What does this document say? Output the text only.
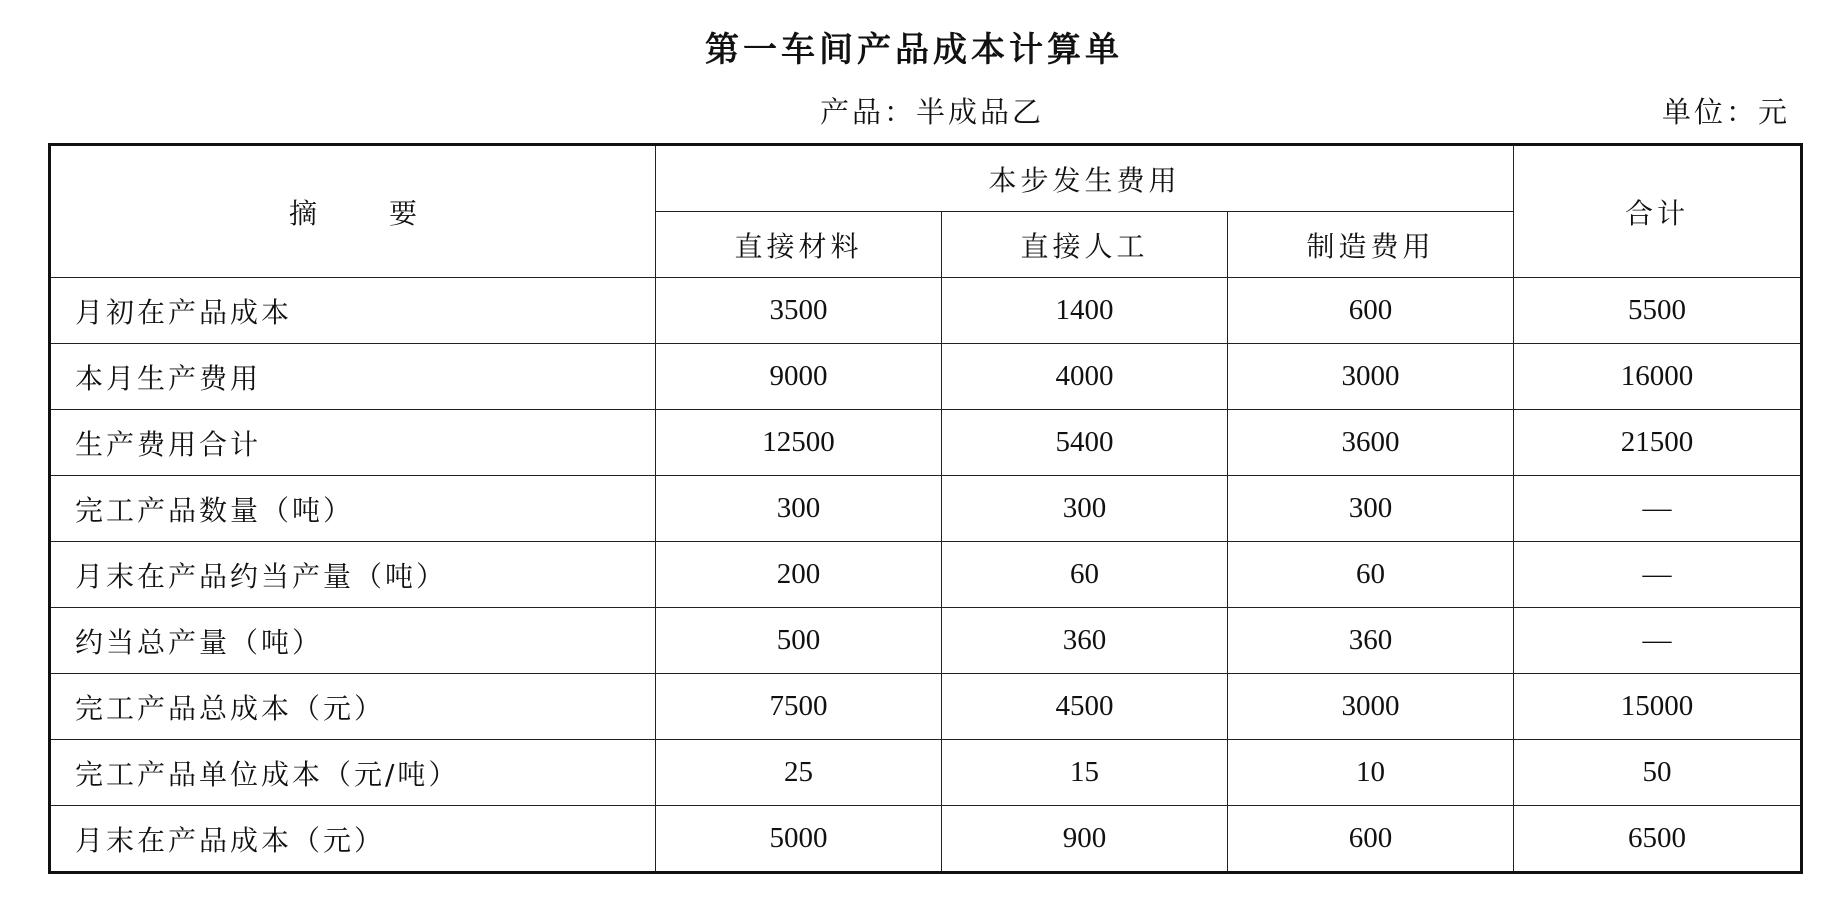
第一车间产品成本计算单
产品：半成品乙	单位：元
摘 要	本步发生费用			合计
	直接材料	直接人工	制造费用	
月初在产品成本	3500	1400	600	5500
本月生产费用	9000	4000	3000	16000
生产费用合计	12500	5400	3600	21500
完工产品数量（吨）	300	300	300	—
月末在产品约当产量（吨）	200	60	60	—
约当总产量（吨）	500	360	360	—
完工产品总成本（元）	7500	4500	3000	15000
完工产品单位成本（元/吨）	25	15	10	50
月末在产品成本（元）	5000	900	600	6500
